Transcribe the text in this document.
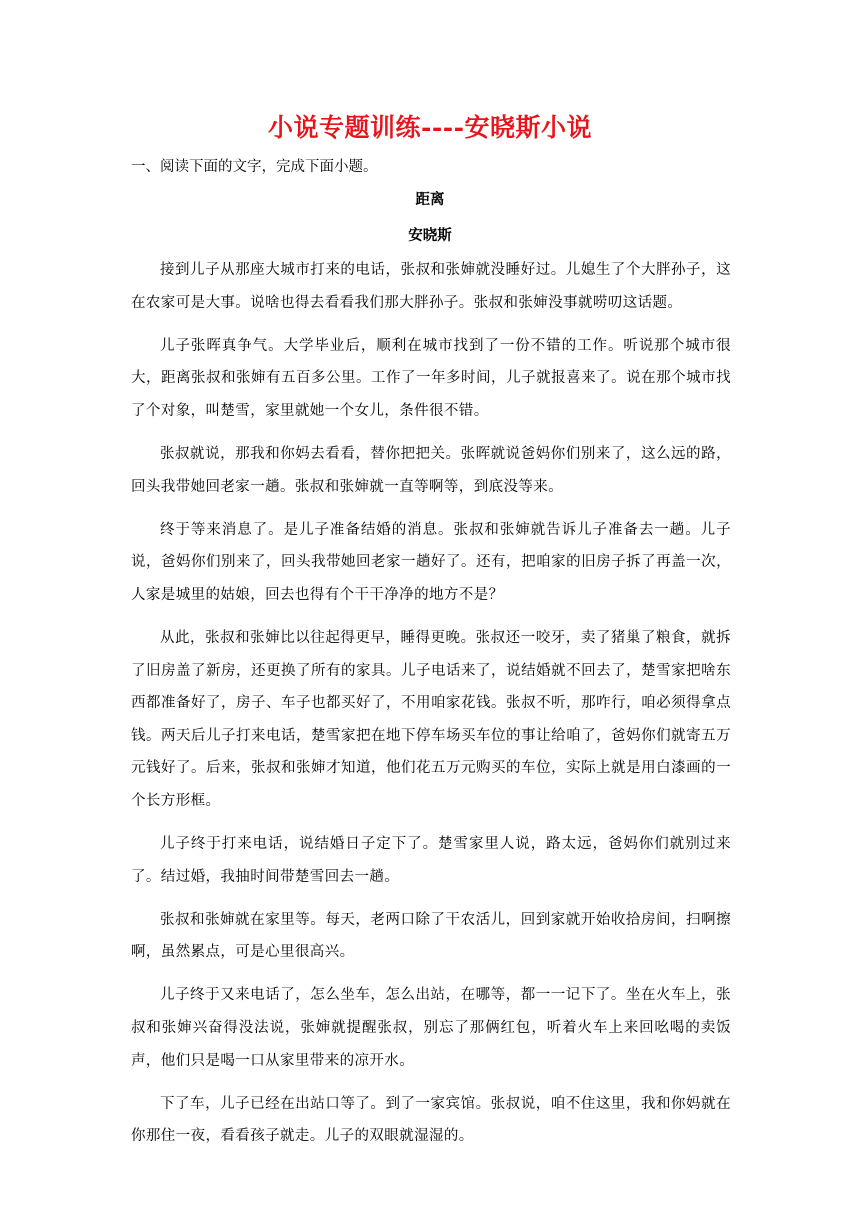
小说专题训练----安晓斯小说
一、阅读下面的文字，完成下面小题。
距离
安晓斯

接到儿子从那座大城市打来的电话，张叔和张婶就没睡好过。儿媳生了个大胖孙子，这在农家可是大事。说啥也得去看看我们那大胖孙子。张叔和张婶没事就唠叨这话题。

儿子张晖真争气。大学毕业后，顺利在城市找到了一份不错的工作。听说那个城市很大，距离张叔和张婶有五百多公里。工作了一年多时间，儿子就报喜来了。说在那个城市找了个对象，叫楚雪，家里就她一个女儿，条件很不错。

张叔就说，那我和你妈去看看，替你把把关。张晖就说爸妈你们别来了，这么远的路，回头我带她回老家一趟。张叔和张婶就一直等啊等，到底没等来。

终于等来消息了。是儿子准备结婚的消息。张叔和张婶就告诉儿子准备去一趟。儿子说，爸妈你们别来了，回头我带她回老家一趟好了。还有，把咱家的旧房子拆了再盖一次，人家是城里的姑娘，回去也得有个干干净净的地方不是？

从此，张叔和张婶比以往起得更早，睡得更晚。张叔还一咬牙，卖了猪巢了粮食，就拆了旧房盖了新房，还更换了所有的家具。儿子电话来了，说结婚就不回去了，楚雪家把啥东西都准备好了，房子、车子也都买好了，不用咱家花钱。张叔不听，那咋行，咱必须得拿点钱。两天后儿子打来电话，楚雪家把在地下停车场买车位的事让给咱了，爸妈你们就寄五万元钱好了。后来，张叔和张婶才知道，他们花五万元购买的车位，实际上就是用白漆画的一个长方形框。

儿子终于打来电话，说结婚日子定下了。楚雪家里人说，路太远，爸妈你们就别过来了。结过婚，我抽时间带楚雪回去一趟。

张叔和张婶就在家里等。每天，老两口除了干农活儿，回到家就开始收拾房间，扫啊擦啊，虽然累点，可是心里很高兴。

儿子终于又来电话了，怎么坐车，怎么出站，在哪等，都一一记下了。坐在火车上，张叔和张婶兴奋得没法说，张婶就提醒张叔，别忘了那俩红包，听着火车上来回吆喝的卖饭声，他们只是喝一口从家里带来的凉开水。

下了车，儿子已经在出站口等了。到了一家宾馆。张叔说，咱不住这里，我和你妈就在你那住一夜，看看孩子就走。儿子的双眼就湿湿的。
